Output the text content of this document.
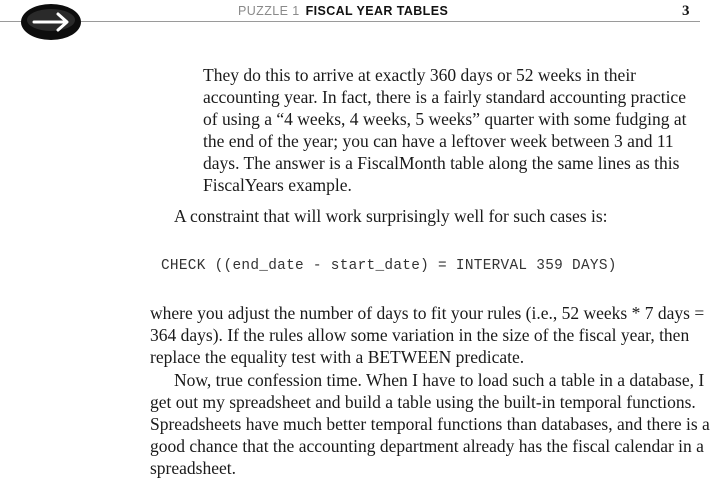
PUZZLE 1 FISCAL YEAR TABLES	3

They do this to arrive at exactly 360 days or 52 weeks in their accounting year. In fact, there is a fairly standard accounting practice of using a “4 weeks, 4 weeks, 5 weeks” quarter with some fudging at the end of the year; you can have a leftover week between 3 and 11 days. The answer is a FiscalMonth table along the same lines as this FiscalYears example.

A constraint that will work surprisingly well for such cases is:

CHECK ((end_date - start_date) = INTERVAL 359 DAYS)

where you adjust the number of days to fit your rules (i.e., 52 weeks * 7 days = 364 days). If the rules allow some variation in the size of the fiscal year, then replace the equality test with a BETWEEN predicate.

Now, true confession time. When I have to load such a table in a database, I get out my spreadsheet and build a table using the built-in temporal functions. Spreadsheets have much better temporal functions than databases, and there is a good chance that the accounting department already has the fiscal calendar in a spreadsheet.
